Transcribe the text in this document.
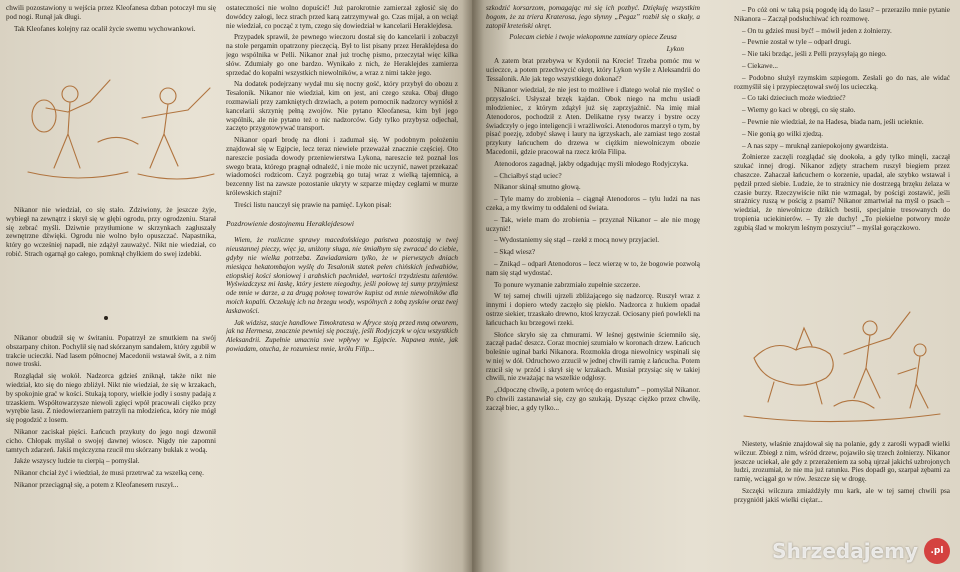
chwili pozostawiony u wejścia przez Kleofanesa dzban potoczył mu się pod nogi. Runął jak długi.

Tak Kleofanes kolejny raz ocalił życie swemu wychowankowi.

Nikanor nie wiedział, co się stało. Zdziwiony, że jeszcze żyje, wybiegł na zewnątrz i skrył się w głębi ogrodu, przy ogrodzeniu. Starał się zebrać myśli. Dziwnie przytłumione w skrzynkach zagłuszały zewnętrzne dźwięki. Ogrodu nie wolno było opuszczać. Napastnika, który go wcześniej napadł, nie zdążył zauważyć. Nikt nie wiedział, co robić. Strach ogarnął go całego, pomknął chyłkiem do swej izdebki.

Nikanor obudził się w świtaniu. Popatrzył ze smutkiem na swój obszarpany chiton. Pochylił się nad skórzanym sandałem, który zgubił w trakcie ucieczki. Nad lasem północnej Macedonii wstawał świt, a z nim nowe troski.

Rozglądał się wokół. Nadzorca gdzieś zniknął, także nikt nie wiedział, kto się do niego zbliżył. Nikt nie wiedział, że się w krzakach, by spokojnie grać w kości. Stukają topory, wielkie jodły i sosny padają z trzaskiem. Współtowarzysze niewoli zgięci wpół pracowali ciężko przy wyrębie lasu. Z niedowierzaniem patrzyli na młodzieńca, który nie mógł się pogodzić z losem.

Nikanor zaciskał pięści. Łańcuch przykuty do jego nogi dzwonił cicho. Chłopak myślał o swojej dawnej wiosce. Nigdy nie zapomni tamtych zdarzeń. Jakiś mężczyzna rzucił mu skórzany bukłak z wodą.

Jakże wszyscy ludzie tu cierpią – pomyślał.

Nikanor chciał żyć i wiedział, że musi przetrwać za wszelką cenę.

Nikanor przeciągnął się, a potem z Kleofanesem ruszył...

ostateczności nie wolno dopuścić! Już parokrotnie zamierzał zgłosić się do dowódcy załogi, lecz strach przed karą zatrzymywał go. Czas mijał, a on wciąż nie wiedział, co począć z tym, czego się dowiedział w kancelarii Heraklejdesa.

Przypadek sprawił, że pewnego wieczoru dostał się do kancelarii i zobaczył na stole pergamin opatrzony pieczęcią. Był to list pisany przez Heraklejdesa do jego wspólnika w Pelli. Nikanor znał już trochę pismo, przeczytał więc kilka słów. Zdumiały go one bardzo. Wynikało z nich, że Heraklejdes zamierza sprzedać do kopalni wszystkich niewolników, a wraz z nimi także jego.

Na dodatek podejrzany wydał mu się nocny gość, który przybył do obozu z Tesalonik. Nikanor nie wiedział, kim on jest, ani czego szuka. Obaj długo rozmawiali przy zamkniętych drzwiach, a potem pomocnik nadzorcy wyniósł z kancelarii skrzynię pełną zwojów. Nie pytano Kleofanesa, kim był jego wspólnik, ale nie pytano też o nic nadzorców. Gdy tylko przybysz odjechał, zaczęto przygotowywać transport.

Nikanor oparł brodę na dłoni i zadumał się. W podobnym położeniu znajdował się w Egipcie, lecz teraz niewiele przeważał znacznie częściej. Oto nareszcie posiada dowody przeniewierstwa Lykona, nareszcie też poznał los swego brata, którego pragnął odnaleźć, i nie może nic uczynić, nawet przekazać wiadomości rodzicom. Czyż pogrzebią go tutaj wraz z wielką tajemnicą, a bezcenny list na zawsze pozostanie ukryty w szparze między cegłami w murze królewskich stajni?

Treści listu nauczył się prawie na pamięć. Lykon pisał:

Pozdrowienie dostojnemu Heraklejdesowi

Wiem, że rozliczne sprawy macedońskiego państwa pozostają w twej nieustannej pieczy, więc ja, uniżony sługa, nie śmiałbym się zwracać do ciebie, gdyby nie wielka potrzeba. Zawiadamiam tylko, że w pierwszych dniach miesiąca hekatombajon wyślę do Tesalonik statek pełen chińskich jedwabiów, etiopskiej kości słoniowej i arabskich pachnideł, wartości trzydziestu talentów. Wyświadczysz mi łaskę, który jestem niegodny, jeśli połowę tej sumy przyjmiesz ode mnie w darze, a za drugą połowę towarów kupisz od mnie niewolników dla moich kopalń. Oczekuję ich na brzegu wody, wspólnych z tobą zysków oraz twej łaskawości.

Jak widzisz, stacje handlowe Timokratesa w Afryce stoją przed mną otworem, jak na Hermesa, znacznie pewniej się poczuję, jeśli Rodyjczyk w ojcu wszystkich Aleksandrii. Zupełnie umacnia swe wpływy w Egipcie. Napawa mnie, jak powiadam, otucha, że rozumiesz mnie, królu Filip...

szkodzić korsarzom, pomagając mi się ich pozbyć. Dziękuję wszystkim bogom, że za triera Kraterosa, jego słynny „Pegaz” rozbił się o skały, a zatopił kreteński okręt.

Polecam ciebie i twoje wiekopomne zamiary opiece Zeusa

Lykon

A zatem brat przebywa w Kydonii na Krecie! Trzeba pomóc mu w ucieczce, a potem przechwycić okręt, który Lykon wyśle z Aleksandrii do Tessalonik. Ale jak tego wszystkiego dokonać?

Nikanor wiedział, że nie jest to możliwe i dlatego wolał nie myśleć o przyszłości. Usłyszał brzęk kajdan. Obok niego na mchu usiadł młodzieniec, z którym zdążył już się zaprzyjaźnić. Na imię miał Atenodoros, pochodził z Aten. Delikatne rysy twarzy i bystre oczy świadczyły o jego inteligencji i wrażliwości. Atenodoros marzył o tym, by pisać poezję, zdobyć sławę i laury na igrzyskach, ale zamiast tego został przykuty łańcuchem do drzewa w ciężkim niewolniczym obozie Macedonii, gdzie pracował na rzecz króla Filipa.

Atenodoros zagadnął, jakby odgadując myśli młodego Rodyjczyka.

– Chciałbyś stąd uciec?

Nikanor skinął smutno głową.

– Tyle mamy do zrobienia – ciągnął Atenodoros – tylu ludzi na nas czeka, a my tkwimy tu oddaleni od świata.

– Tak, wiele mam do zrobienia – przyznał Nikanor – ale nie mogę uczynić!

– Wydostaniemy się stąd – rzekł z mocą nowy przyjaciel.

– Skąd wiesz?

– Znikąd – odparł Atenodoros – lecz wierzę w to, że bogowie pozwolą nam się stąd wydostać.

To ponure wyznanie zabrzmiało zupełnie szczerze.

W tej samej chwili ujrzeli zbliżającego się nadzorcę. Ruszył wraz z innymi i dopiero wtedy zaczęło się piekło. Nadzorca z hukiem opadał ostrze siekier, trzaskało drewno, ktoś krzyczał. Ociosany pień powlekli na łańcuchach ku brzegowi rzeki.

Słońce skryło się za chmurami. W leśnej gęstwinie ściemniło się, zaczął padać deszcz. Coraz mocniej szumiało w koronach drzew. Łańcuch boleśnie uginał barki Nikanora. Rozmokła droga niewolnicy wspinali się w niej w dół. Odruchowo zrzucił w jednej chwili ramię z łańcucha. Potem rzucił się w przód i skrył się w krzakach. Musiał przysiąc się w takiej chwili, nie zważając na wszelkie odgłosy.

„Odpocznę chwilę, a potem wrócę do ergastulum” – pomyślał Nikanor. Po chwili zastanawiał się, czy go szukają. Dysząc ciężko przez chwilę, zaczął biec, a gdy tylko...

– Po cóż oni w taką psią pogodę idą do lasu? – przeraziło mnie pytanie Nikanora – Zaczął podsłuchiwać ich rozmowę.

– On tu gdzieś musi być! – mówił jeden z żołnierzy.

– Pewnie został w tyle – odparł drugi.

– Nie taki brzdąc, jeśli z Pelli przysyłają go niego.

– Ciekawe...

– Podobno służył rzymskim szpiegom. Zesłali go do nas, ale widać rozmyślił się i przypieczętował swój los ucieczką.

– Co taki dzieciuch może wiedzieć?

– Wiemy go kaci w obręgi, co się stało.

– Pewnie nie wiedział, że na Hadesa, biada nam, jeśli ucieknie.

– Nie gonią go wilki zjedzą.

– A nas szpy – mruknął zaniepokojony gwardzista.

Żołnierze zaczęli rozglądać się dookoła, a gdy tylko minęli, zaczął szukać innej drogi. Nikanor zdjęty strachem ruszył biegiem przez chaszcze. Zahaczał łańcuchem o korzenie, upadał, ale szybko wstawał i pędził przed siebie. Ludzie, że to strażnicy nie dostrzegą brzęku żelaza w czasie burzy. Rzeczywiście nikt nie wzmagał, by pościgi zostawić, jeśli strażnicy ruszą w pościg z psami? Nikanor zmartwiał na myśl o psach – wiedział, że niewolnicze dzikich bestii, specjalnie tresowanych do tropienia uciekinierów. – Ty złe duchy! „To piekielne potwory może zgubią ślad w mokrym leśnym poszyciu!” – myślał gorączkowo.

Niestety, właśnie znajdował się na polanie, gdy z zarośli wypadł wielki wilczur. Zbiegł z nim, wśród drzew, pojawiło się trzech żołnierzy. Nikanor jeszcze uciekał, ale gdy z przerażeniem za sobą ujrzał jakichś uzbrojonych ludzi, zrozumiał, że nie ma już ratunku. Pies dopadł go, szarpał zębami za ramię, wciągał go w rów. Jeszcze się w drogę.

Szczęki wilczura zmiażdżyły mu kark, ale w tej samej chwili psa przygniótł jakiś wielki ciężar...

Shrzedajemy	.pl
